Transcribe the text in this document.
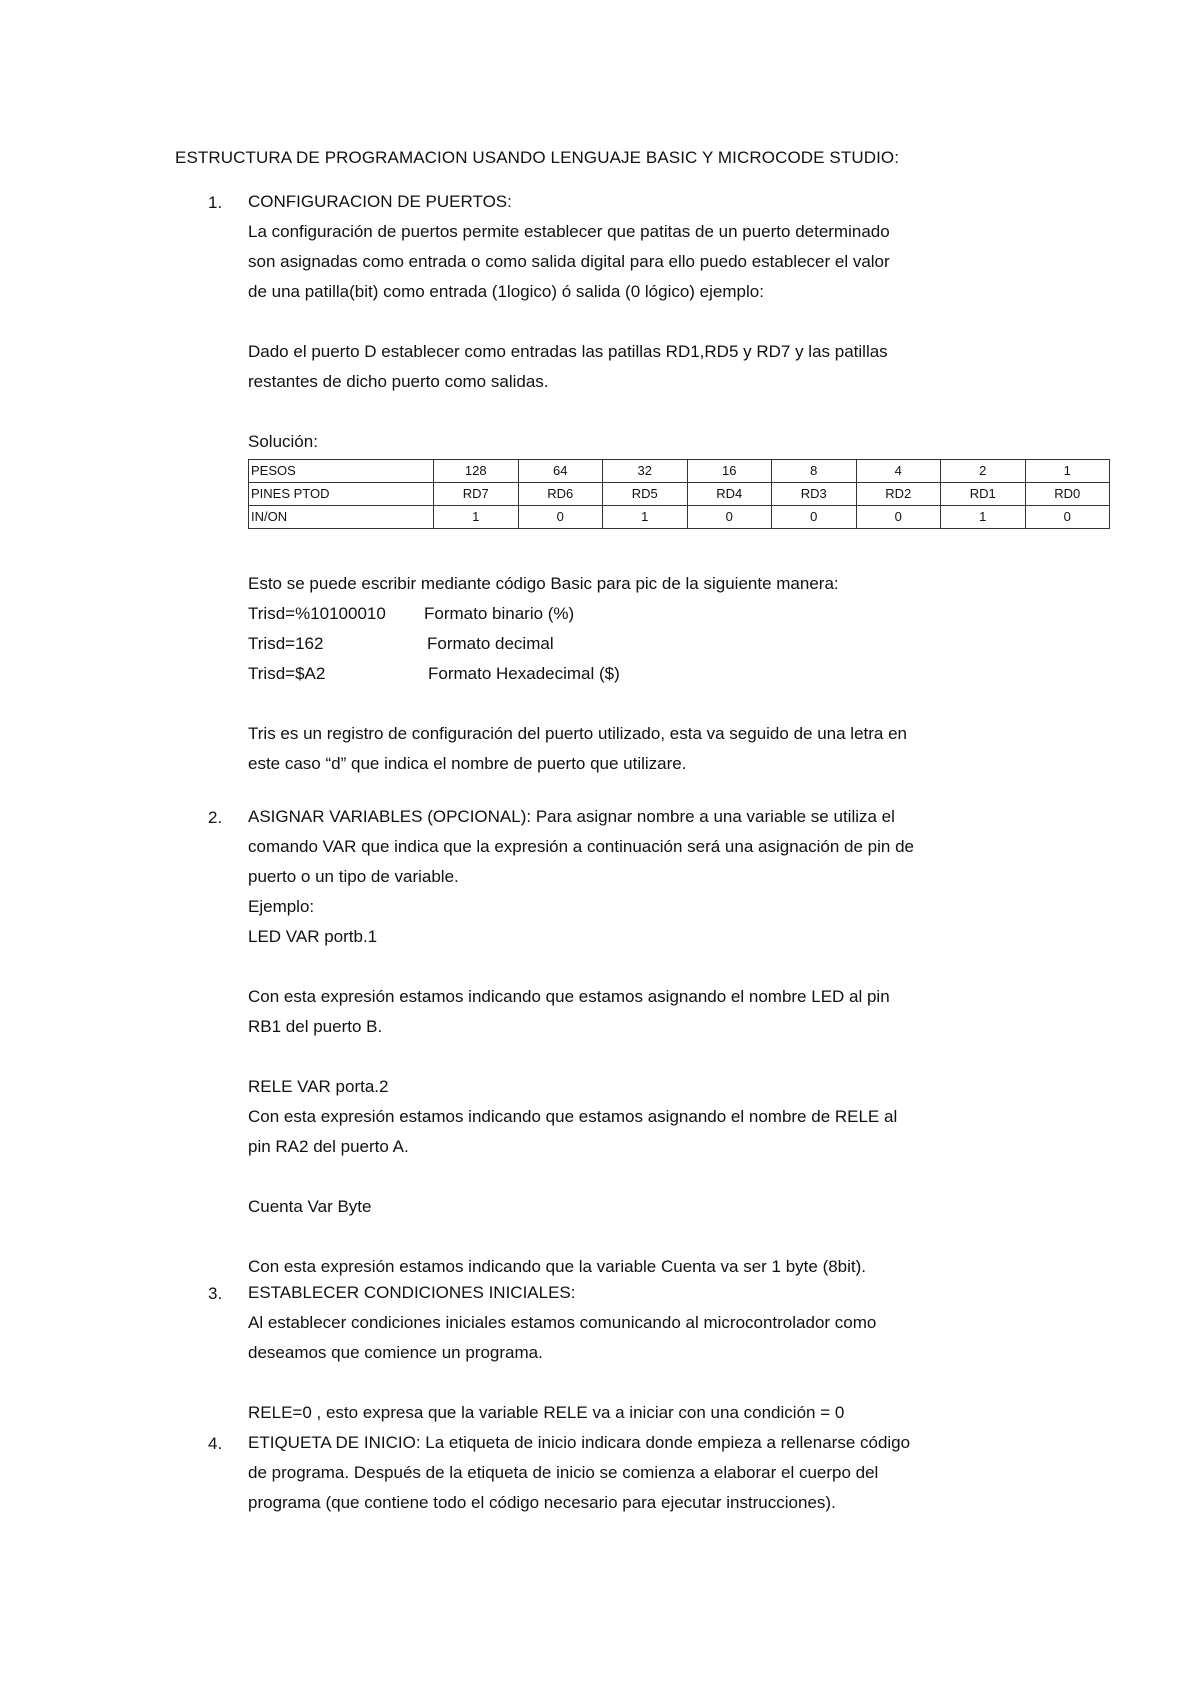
ESTRUCTURA DE PROGRAMACION USANDO LENGUAJE BASIC Y MICROCODE STUDIO:
1. CONFIGURACION DE PUERTOS:
La configuración de puertos permite establecer que patitas de un puerto determinado
son asignadas como entrada o como salida digital para ello puedo establecer el valor
de una patilla(bit) como entrada (1logico) ó salida (0 lógico) ejemplo:
Dado el puerto D establecer como entradas las patillas RD1,RD5 y RD7 y las patillas
restantes de dicho puerto como salidas.
Solución:
PESOS	128	64	32	16	8	4	2	1
PINES PTOD	RD7	RD6	RD5	RD4	RD3	RD2	RD1	RD0
IN/ON	1	0	1	0	0	0	1	0
Esto se puede escribir mediante código Basic para pic de la siguiente manera:
Trisd=%10100010 Formato binario (%)
Trisd=162	Formato decimal
Trisd=$A2	Formato Hexadecimal ($)
Tris es un registro de configuración del puerto utilizado, esta va seguido de una letra en
este caso “d” que indica el nombre de puerto que utilizare.
2. ASIGNAR VARIABLES (OPCIONAL): Para asignar nombre a una variable se utiliza el
comando VAR que indica que la expresión a continuación será una asignación de pin de
puerto o un tipo de variable.
Ejemplo:
LED VAR portb.1
Con esta expresión estamos indicando que estamos asignando el nombre LED al pin
RB1 del puerto B.
RELE VAR porta.2
Con esta expresión estamos indicando que estamos asignando el nombre de RELE al
pin RA2 del puerto A.
Cuenta Var Byte
Con esta expresión estamos indicando que la variable Cuenta va ser 1 byte (8bit).
3. ESTABLECER CONDICIONES INICIALES:
Al establecer condiciones iniciales estamos comunicando al microcontrolador como
deseamos que comience un programa.
RELE=0 , esto expresa que la variable RELE va a iniciar con una condición = 0
4. ETIQUETA DE INICIO: La etiqueta de inicio indicara donde empieza a rellenarse código
de programa. Después de la etiqueta de inicio se comienza a elaborar el cuerpo del
programa (que contiene todo el código necesario para ejecutar instrucciones).
